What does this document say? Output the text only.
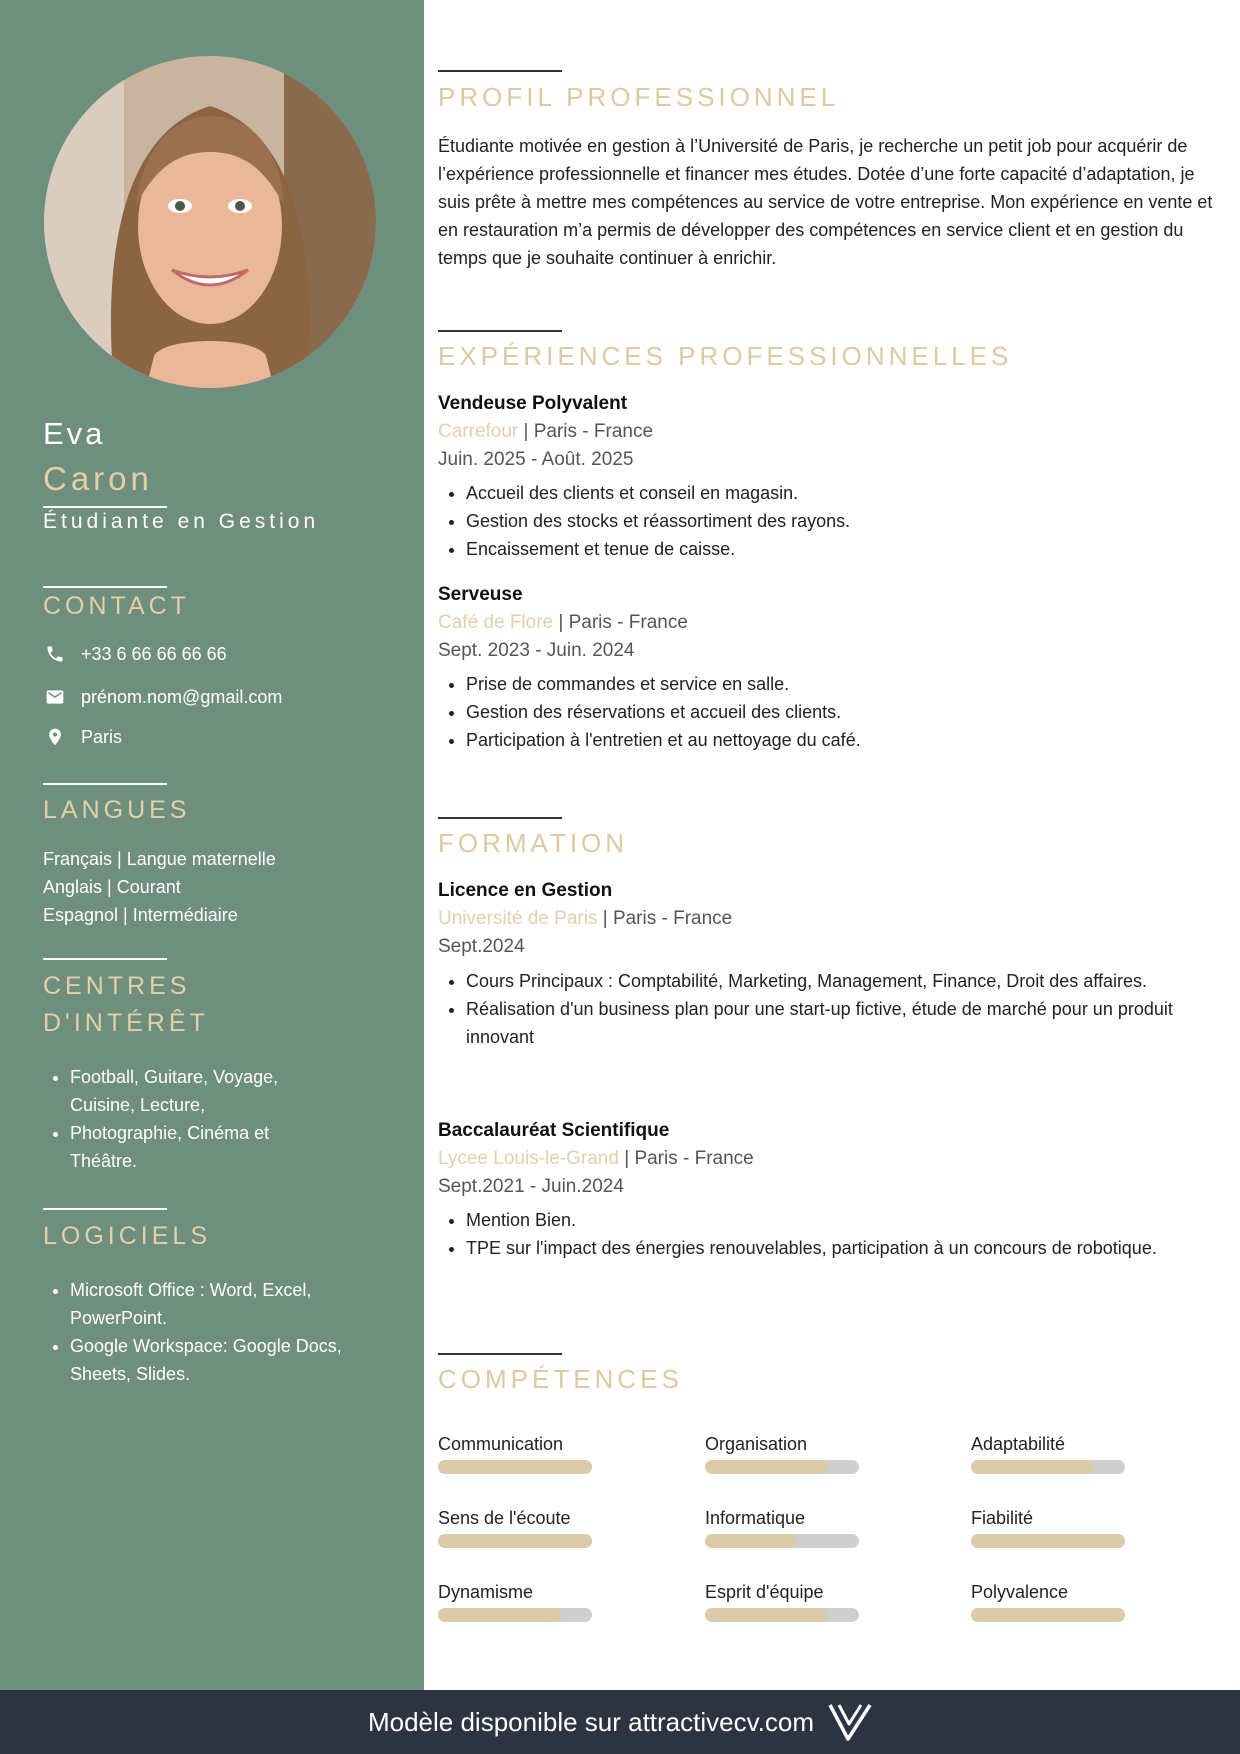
Eva
Caron
Étudiante en Gestion
CONTACT
+33 6 66 66 66 66
prénom.nom@gmail.com
Paris
LANGUES
Français | Langue maternelle
Anglais | Courant
Espagnol | Intermédiaire
CENTRES
D'INTÉRÊT
• Football, Guitare, Voyage, Cuisine, Lecture,
• Photographie, Cinéma et Théâtre.
LOGICIELS
• Microsoft Office : Word, Excel, PowerPoint.
• Google Workspace: Google Docs, Sheets, Slides.
PROFIL PROFESSIONNEL
Étudiante motivée en gestion à l’Université de Paris, je recherche un petit job pour acquérir de l’expérience professionnelle et financer mes études. Dotée d’une forte capacité d’adaptation, je suis prête à mettre mes compétences au service de votre entreprise. Mon expérience en vente et en restauration m’a permis de développer des compétences en service client et en gestion du temps que je souhaite continuer à enrichir.
EXPÉRIENCES PROFESSIONNELLES
Vendeuse Polyvalent
Carrefour | Paris - France
Juin. 2025 - Août. 2025
• Accueil des clients et conseil en magasin.
• Gestion des stocks et réassortiment des rayons.
• Encaissement et tenue de caisse.
Serveuse
Café de Flore | Paris - France
Sept. 2023 - Juin. 2024
• Prise de commandes et service en salle.
• Gestion des réservations et accueil des clients.
• Participation à l'entretien et au nettoyage du café.
FORMATION
Licence en Gestion
Université de Paris | Paris - France
Sept.2024
• Cours Principaux : Comptabilité, Marketing, Management, Finance, Droit des affaires.
• Réalisation d'un business plan pour une start-up fictive, étude de marché pour un produit innovant
Baccalauréat Scientifique
Lycee Louis-le-Grand | Paris - France
Sept.2021 - Juin.2024
• Mention Bien.
• TPE sur l'impact des énergies renouvelables, participation à un concours de robotique.
COMPÉTENCES
Communication	Organisation	Adaptabilité
Sens de l'écoute	Informatique	Fiabilité
Dynamisme	Esprit d'équipe	Polyvalence
Modèle disponible sur attractivecv.com
